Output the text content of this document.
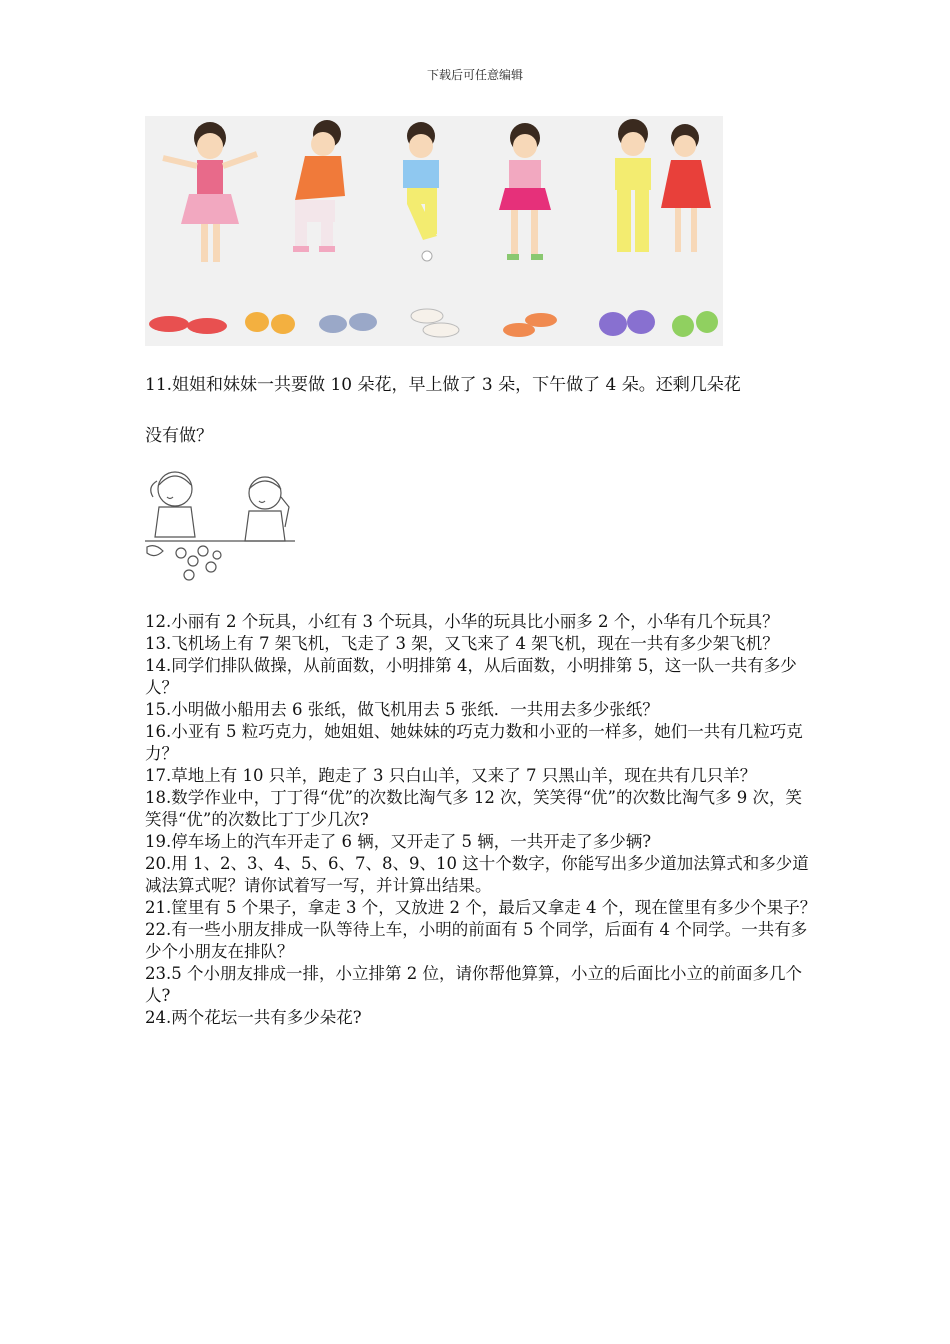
下载后可任意编辑
11.姐姐和妹妹一共要做 10 朵花，早上做了 3 朵，下午做了 4 朵。还剩几朵花
没有做？

12.小丽有 2 个玩具，小红有 3 个玩具，小华的玩具比小丽多 2 个，小华有几个玩具？

13.飞机场上有 7 架飞机，飞走了 3 架，又飞来了 4 架飞机，现在一共有多少架飞机？

14.同学们排队做操，从前面数，小明排第 4，从后面数，小明排第 5，这一队一共有多少人？

15.小明做小船用去 6 张纸，做飞机用去 5 张纸．一共用去多少张纸？

16.小亚有 5 粒巧克力，她姐姐、她妹妹的巧克力数和小亚的一样多，她们一共有几粒巧克力？

17.草地上有 10 只羊，跑走了 3 只白山羊，又来了 7 只黑山羊，现在共有几只羊？

18.数学作业中，丁丁得“优”的次数比淘气多 12 次，笑笑得“优”的次数比淘气多 9 次，笑笑得“优”的次数比丁丁少几次?

19.停车场上的汽车开走了 6 辆，又开走了 5 辆，一共开走了多少辆?

20.用 1、2、3、4、5、6、7、8、9、10 这十个数字，你能写出多少道加法算式和多少道减法算式呢？请你试着写一写，并计算出结果。

21.筐里有 5 个果子，拿走 3 个，又放进 2 个，最后又拿走 4 个，现在筐里有多少个果子？

22.有一些小朋友排成一队等待上车，小明的前面有 5 个同学，后面有 4 个同学。一共有多少个小朋友在排队？

23.5 个小朋友排成一排，小立排第 2 位，请你帮他算算，小立的后面比小立的前面多几个人?

24.两个花坛一共有多少朵花?
